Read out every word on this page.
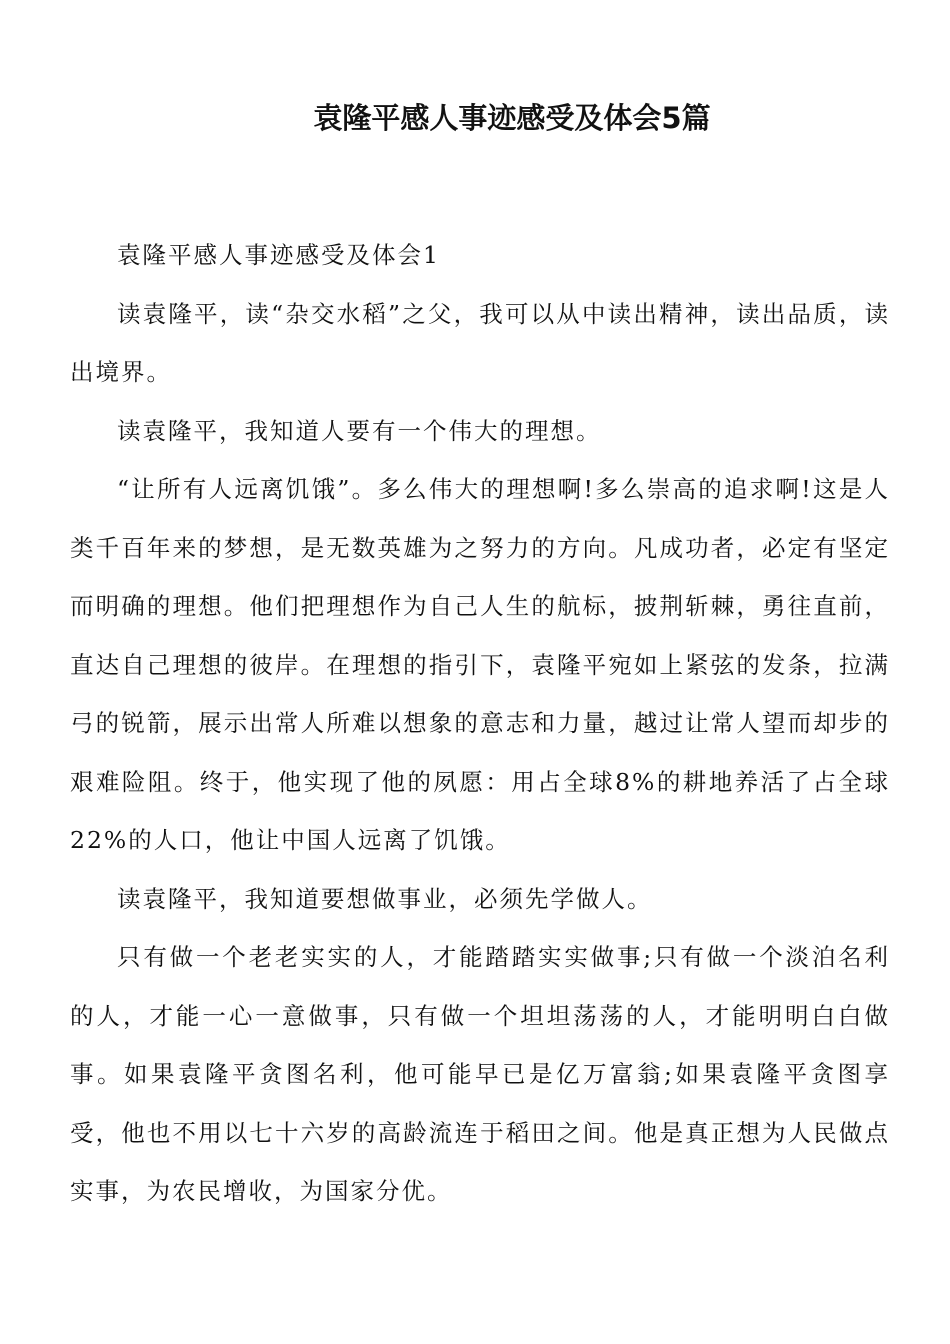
袁隆平感人事迹感受及体会5篇

袁隆平感人事迹感受及体会1

读袁隆平，读“杂交水稻”之父，我可以从中读出精神，读出品质，读出境界。

读袁隆平，我知道人要有一个伟大的理想。

“让所有人远离饥饿”。多么伟大的理想啊!多么崇高的追求啊!这是人类千百年来的梦想，是无数英雄为之努力的方向。凡成功者，必定有坚定而明确的理想。他们把理想作为自己人生的航标，披荆斩棘，勇往直前，直达自己理想的彼岸。在理想的指引下，袁隆平宛如上紧弦的发条，拉满弓的锐箭，展示出常人所难以想象的意志和力量，越过让常人望而却步的艰难险阻。终于，他实现了他的夙愿：用占全球8%的耕地养活了占全球22%的人口，他让中国人远离了饥饿。

读袁隆平，我知道要想做事业，必须先学做人。

只有做一个老老实实的人，才能踏踏实实做事;只有做一个淡泊名利的人，才能一心一意做事，只有做一个坦坦荡荡的人，才能明明白白做事。如果袁隆平贪图名利，他可能早已是亿万富翁;如果袁隆平贪图享受，他也不用以七十六岁的高龄流连于稻田之间。他是真正想为人民做点实事，为农民增收，为国家分优。
